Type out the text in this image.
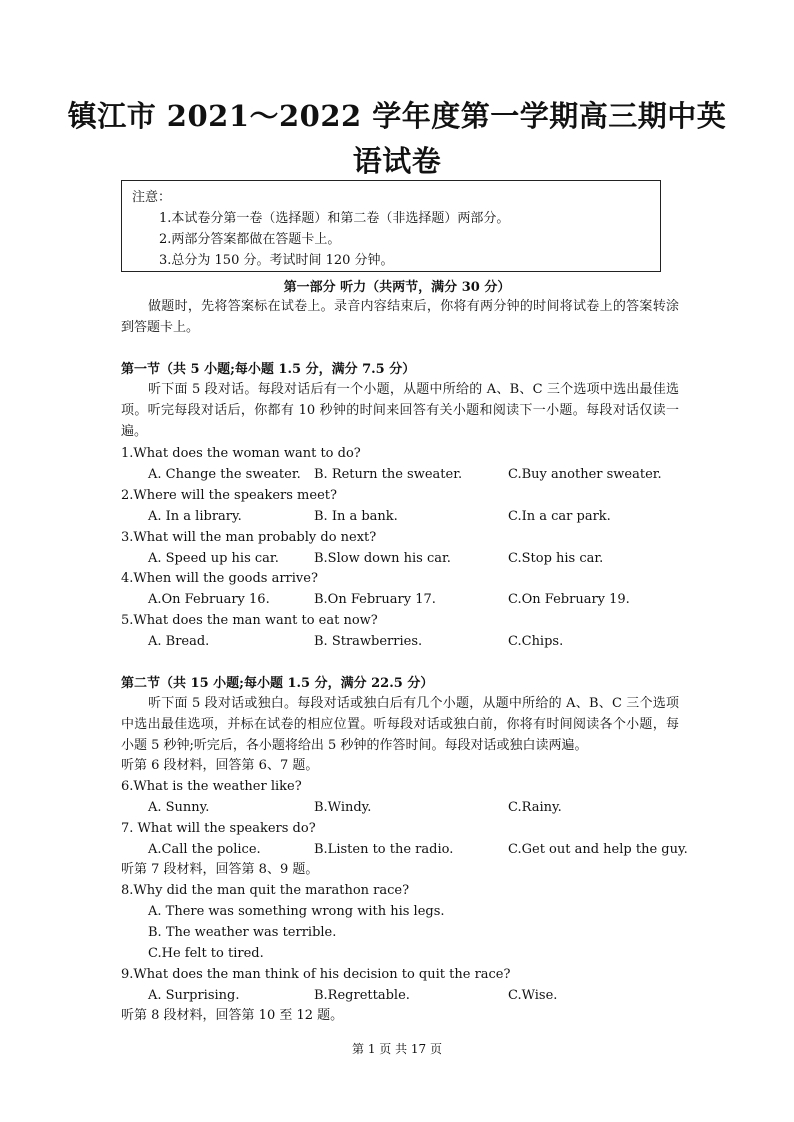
镇江市 2021～2022 学年度第一学期高三期中英
语试卷
注意：
1.本试卷分第一卷（选择题）和第二卷（非选择题）两部分。
2.两部分答案都做在答题卡上。
3.总分为 150 分。考试时间 120 分钟。
第一部分 听力（共两节，满分 30 分）
做题时，先将答案标在试卷上。录音内容结束后，你将有两分钟的时间将试卷上的答案转涂到答题卡上。
第一节（共 5 小题;每小题 1.5 分，满分 7.5 分）
听下面 5 段对话。每段对话后有一个小题，从题中所给的 A、B、C 三个选项中选出最佳选项。听完每段对话后，你都有 10 秒钟的时间来回答有关小题和阅读下一小题。每段对话仅读一遍。
1.What does the woman want to do?
A. Change the sweater. B. Return the sweater.	C.Buy another sweater.
2.Where will the speakers meet?
A. In a library.	B. In a bank.	C.In a car park.
3.What will the man probably do next?
A. Speed up his car.	B.Slow down his car.	C.Stop his car.
4.When will the goods arrive?
A.On February 16.	B.On February 17.	C.On February 19.
5.What does the man want to eat now?
A. Bread.	B. Strawberries.	C.Chips.
第二节（共 15 小题;每小题 1.5 分，满分 22.5 分）
听下面 5 段对话或独白。每段对话或独白后有几个小题，从题中所给的 A、B、C 三个选项中选出最佳选项，并标在试卷的相应位置。听每段对话或独白前，你将有时间阅读各个小题，每小题 5 秒钟;听完后，各小题将给出 5 秒钟的作答时间。每段对话或独白读两遍。
听第 6 段材料，回答第 6、7 题。
6.What is the weather like?
A. Sunny.	B.Windy.	C.Rainy.
7. What will the speakers do?
A.Call the police.	B.Listen to the radio.	C.Get out and help the guy.
听第 7 段材料，回答第 8、9 题。
8.Why did the man quit the marathon race?
A. There was something wrong with his legs.
B. The weather was terrible.
C.He felt to tired.
9.What does the man think of his decision to quit the race?
A. Surprising.	B.Regrettable.	C.Wise.
听第 8 段材料，回答第 10 至 12 题。
第 1 页 共 17 页
